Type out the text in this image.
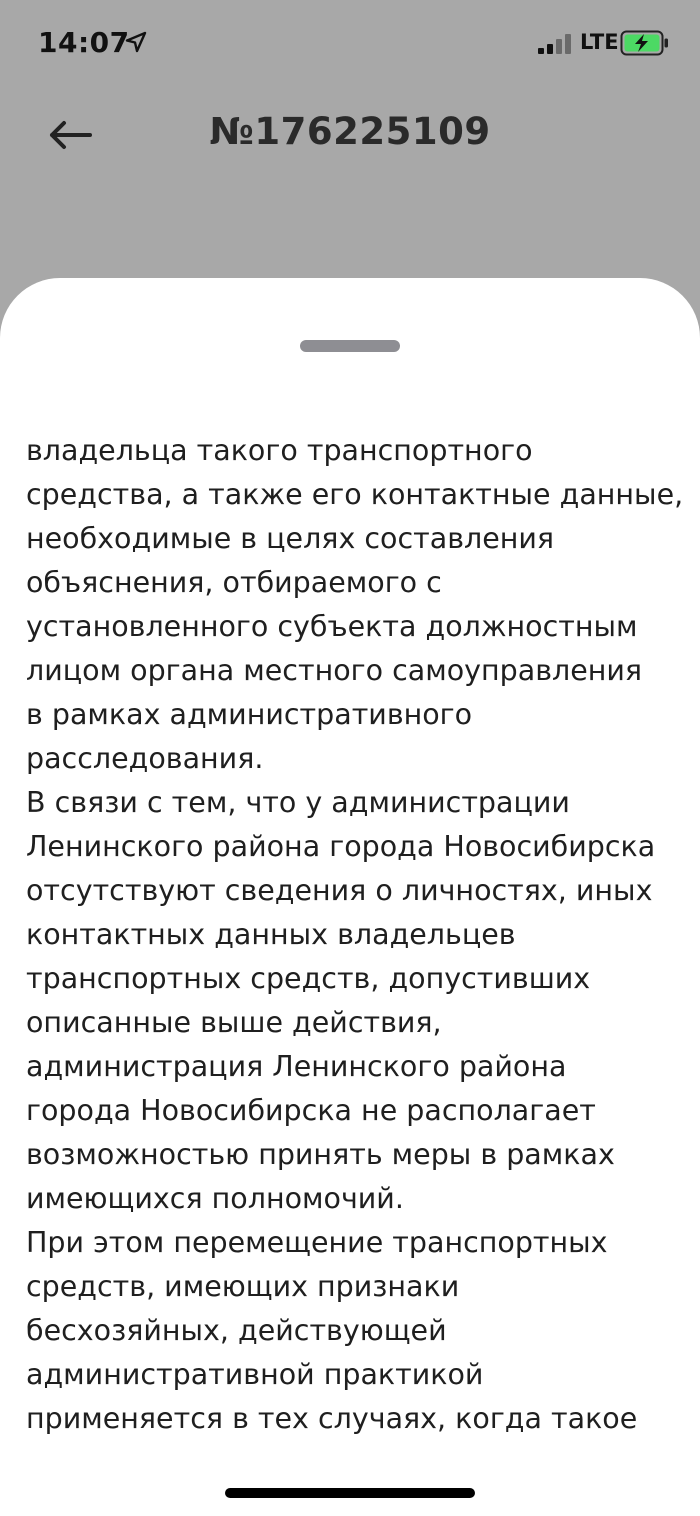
14:07	LTE
№176225109
владельца такого транспортного
средства, а также его контактные данные,
необходимые в целях составления
объяснения, отбираемого с
установленного субъекта должностным
лицом органа местного самоуправления
в рамках административного
расследования.
В связи с тем, что у администрации
Ленинского района города Новосибирска
отсутствуют сведения о личностях, иных
контактных данных владельцев
транспортных средств, допустивших
описанные выше действия,
администрация Ленинского района
города Новосибирска не располагает
возможностью принять меры в рамках
имеющихся полномочий.
При этом перемещение транспортных
средств, имеющих признаки
бесхозяйных, действующей
административной практикой
применяется в тех случаях, когда такое
